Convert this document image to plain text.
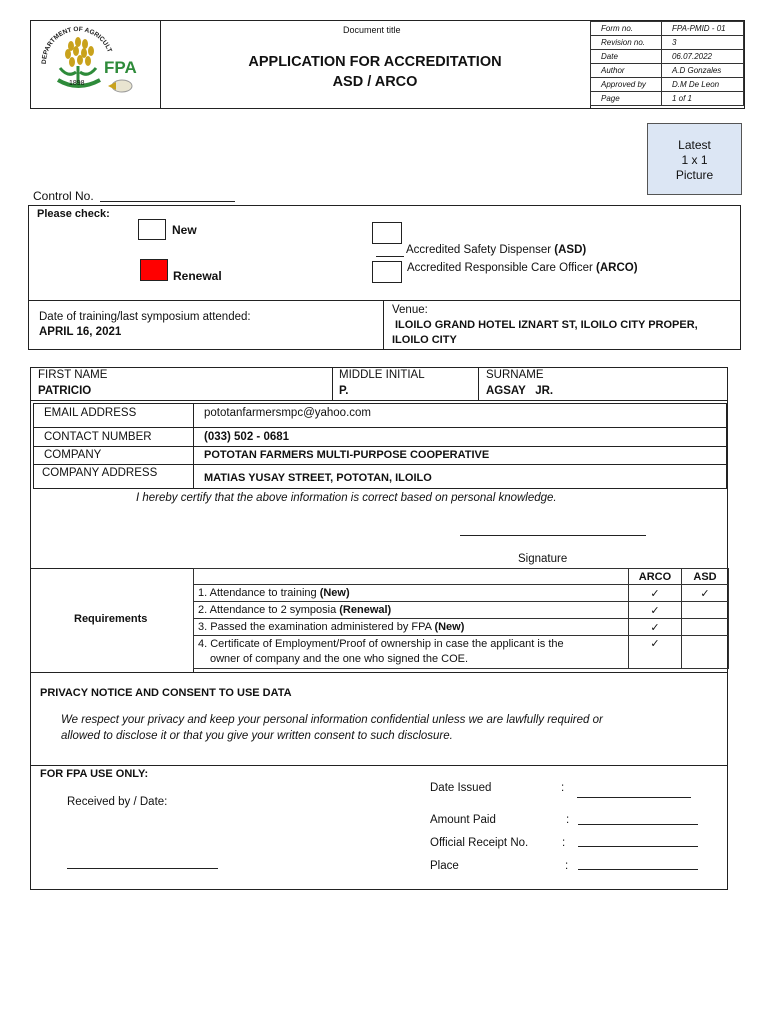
DEPARTMENT OF AGRICULT
FPA
1898
Document title
APPLICATION FOR ACCREDITATION
ASD / ARCO
Form no.	FPA-PMID - 01
Revision no.	3
Date	06.07.2022
Author	A.D Gonzales
Approved by	D.M De Leon
Page	1 of 1
Latest
1 x 1
Picture
Control No.
Please check:
New
Renewal
Accredited Safety Dispenser (ASD)
Accredited Responsible Care Officer (ARCO)
Date of training/last symposium attended:
APRIL 16, 2021
Venue:
ILOILO GRAND HOTEL IZNART ST, ILOILO CITY PROPER,
ILOILO CITY
FIRST NAME
PATRICIO
MIDDLE INITIAL
P.
SURNAME
AGSAY   JR.
EMAIL ADDRESS	pototanfarmersmpc@yahoo.com
CONTACT NUMBER	(033) 502 - 0681
COMPANY	POTOTAN FARMERS MULTI-PURPOSE COOPERATIVE
COMPANY ADDRESS	MATIAS YUSAY STREET, POTOTAN, ILOILO
I hereby certify that the above information is correct based on personal knowledge.
Signature
Requirements
	ARCO	ASD
1. Attendance to training (New)	✓	✓
2. Attendance to 2 symposia (Renewal)	✓	
3. Passed the examination administered by FPA (New)	✓	

4. Certificate of Employment/Proof of ownership in case the applicant is the
owner of company and the one who signed the COE.	✓	
PRIVACY NOTICE AND CONSENT TO USE DATA
We respect your privacy and keep your personal information confidential unless we are lawfully required or
allowed to disclose it or that you give your written consent to such disclosure.
FOR FPA USE ONLY:
Received by / Date:
Date Issued	:
Amount Paid	:
Official Receipt No.	:
Place	:
